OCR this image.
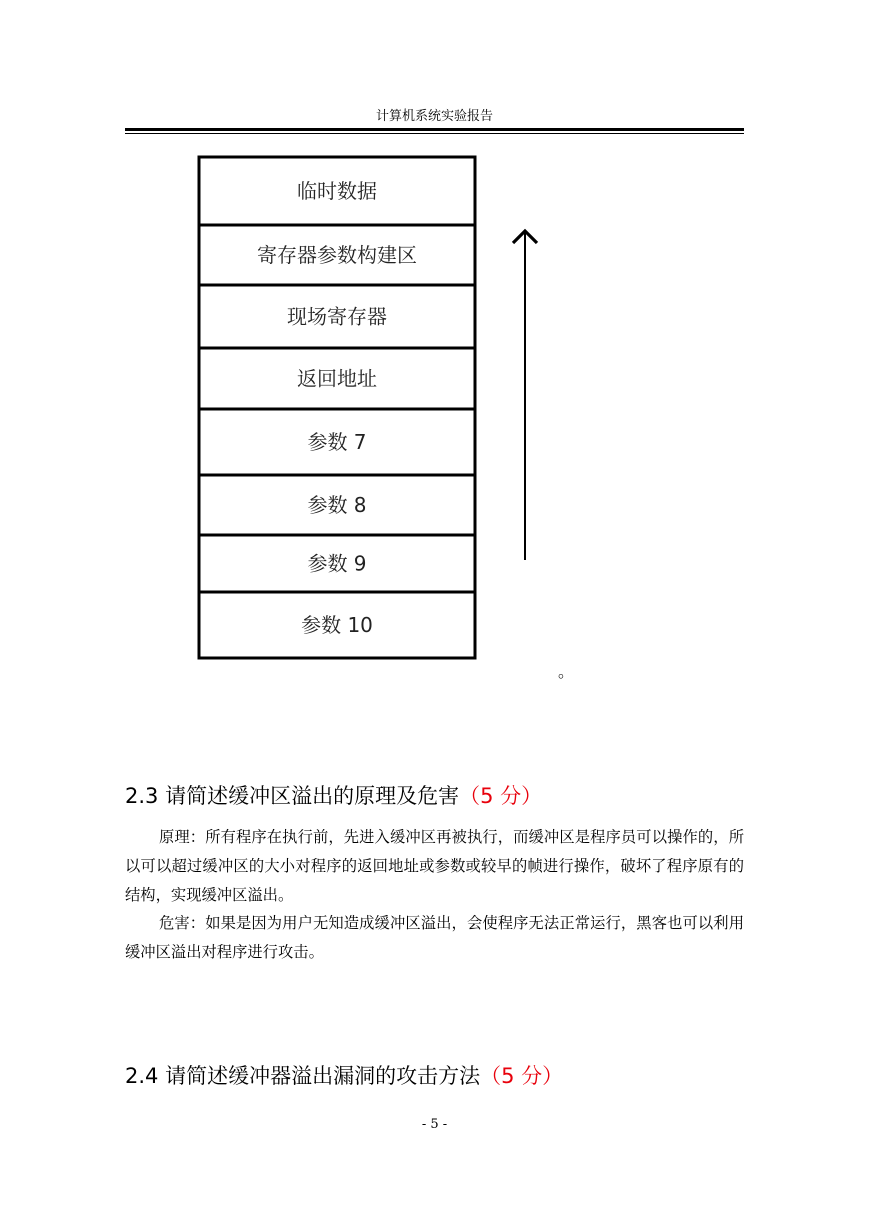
计算机系统实验报告
临时数据
寄存器参数构建区
现场寄存器
返回地址
参数 7
参数 8
参数 9
参数 10
。
2.3 请简述缓冲区溢出的原理及危害（5 分）

原理：所有程序在执行前，先进入缓冲区再被执行，而缓冲区是程序员可以操作的，所以可以超过缓冲区的大小对程序的返回地址或参数或较早的帧进行操作，破坏了程序原有的结构，实现缓冲区溢出。

危害：如果是因为用户无知造成缓冲区溢出，会使程序无法正常运行，黑客也可以利用缓冲区溢出对程序进行攻击。

2.4 请简述缓冲器溢出漏洞的攻击方法（5 分）
- 5 -
